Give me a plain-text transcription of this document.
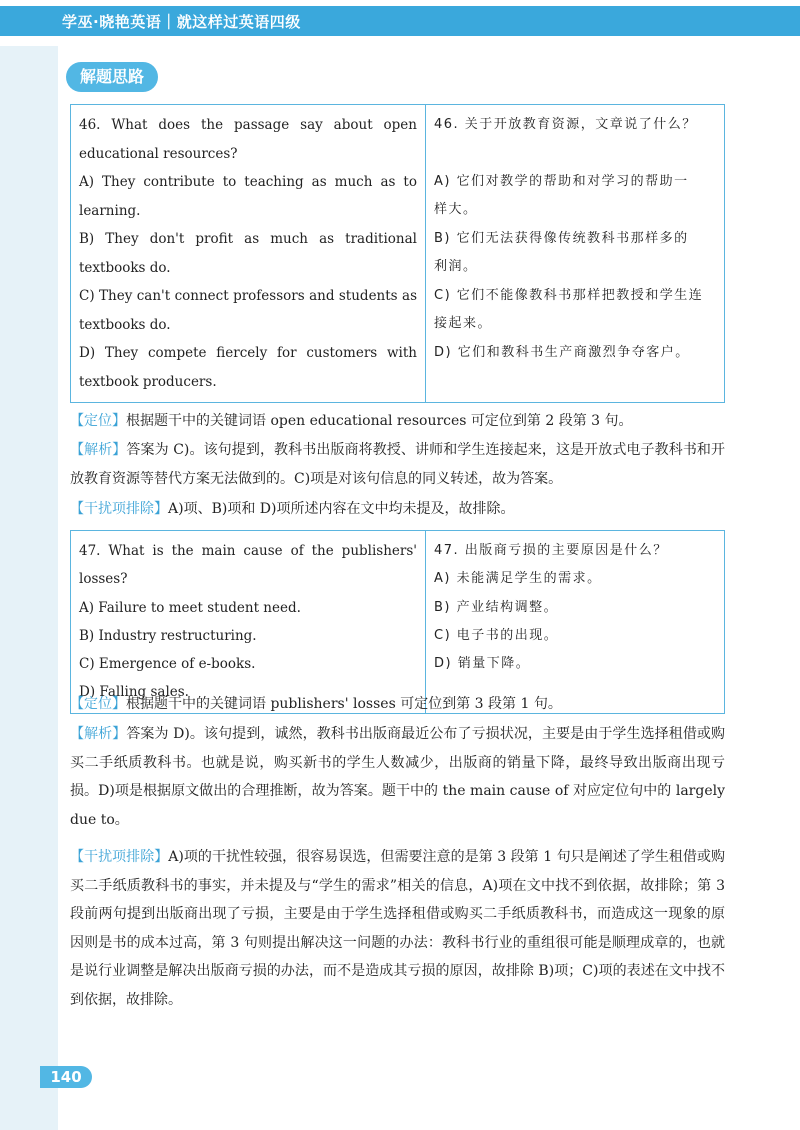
学巫·晓艳英语｜就这样过英语四级
解题思路

46. What does the passage say about open

educational resources?

A) They contribute to teaching as much as to

learning.

B) They don't profit as much as traditional

textbooks do.

C) They can't connect professors and students as

textbooks do.

D) They compete fiercely for customers with

textbook producers.

46. 关于开放教育资源，文章说了什么？

A) 它们对教学的帮助和对学习的帮助一

样大。

B) 它们无法获得像传统教科书那样多的

利润。

C) 它们不能像教科书那样把教授和学生连

接起来。

D) 它们和教科书生产商激烈争夺客户。

【定位】根据题干中的关键词语 open educational resources 可定位到第 2 段第 3 句。

【解析】答案为 C)。该句提到，教科书出版商将教授、讲师和学生连接起来，这是开放式电子教科书和开放教育资源等替代方案无法做到的。C)项是对该句信息的同义转述，故为答案。

【干扰项排除】A)项、B)项和 D)项所述内容在文中均未提及，故排除。

47. What is the main cause of the publishers' losses?

A) Failure to meet student need.

B) Industry restructuring.

C) Emergence of e-books.

D) Falling sales.

47. 出版商亏损的主要原因是什么？

A) 未能满足学生的需求。

B) 产业结构调整。

C) 电子书的出现。

D) 销量下降。

【定位】根据题干中的关键词语 publishers' losses 可定位到第 3 段第 1 句。

【解析】答案为 D)。该句提到，诚然，教科书出版商最近公布了亏损状况，主要是由于学生选择租借或购买二手纸质教科书。也就是说，购买新书的学生人数减少，出版商的销量下降，最终导致出版商出现亏损。D)项是根据原文做出的合理推断，故为答案。题干中的 the main cause of 对应定位句中的 largely due to。

【干扰项排除】A)项的干扰性较强，很容易误选，但需要注意的是第 3 段第 1 句只是阐述了学生租借或购买二手纸质教科书的事实，并未提及与“学生的需求”相关的信息，A)项在文中找不到依据，故排除；第 3 段前两句提到出版商出现了亏损，主要是由于学生选择租借或购买二手纸质教科书，而造成这一现象的原因则是书的成本过高，第 3 句则提出解决这一问题的办法：教科书行业的重组很可能是顺理成章的，也就是说行业调整是解决出版商亏损的办法，而不是造成其亏损的原因，故排除 B)项；C)项的表述在文中找不到依据，故排除。

140
